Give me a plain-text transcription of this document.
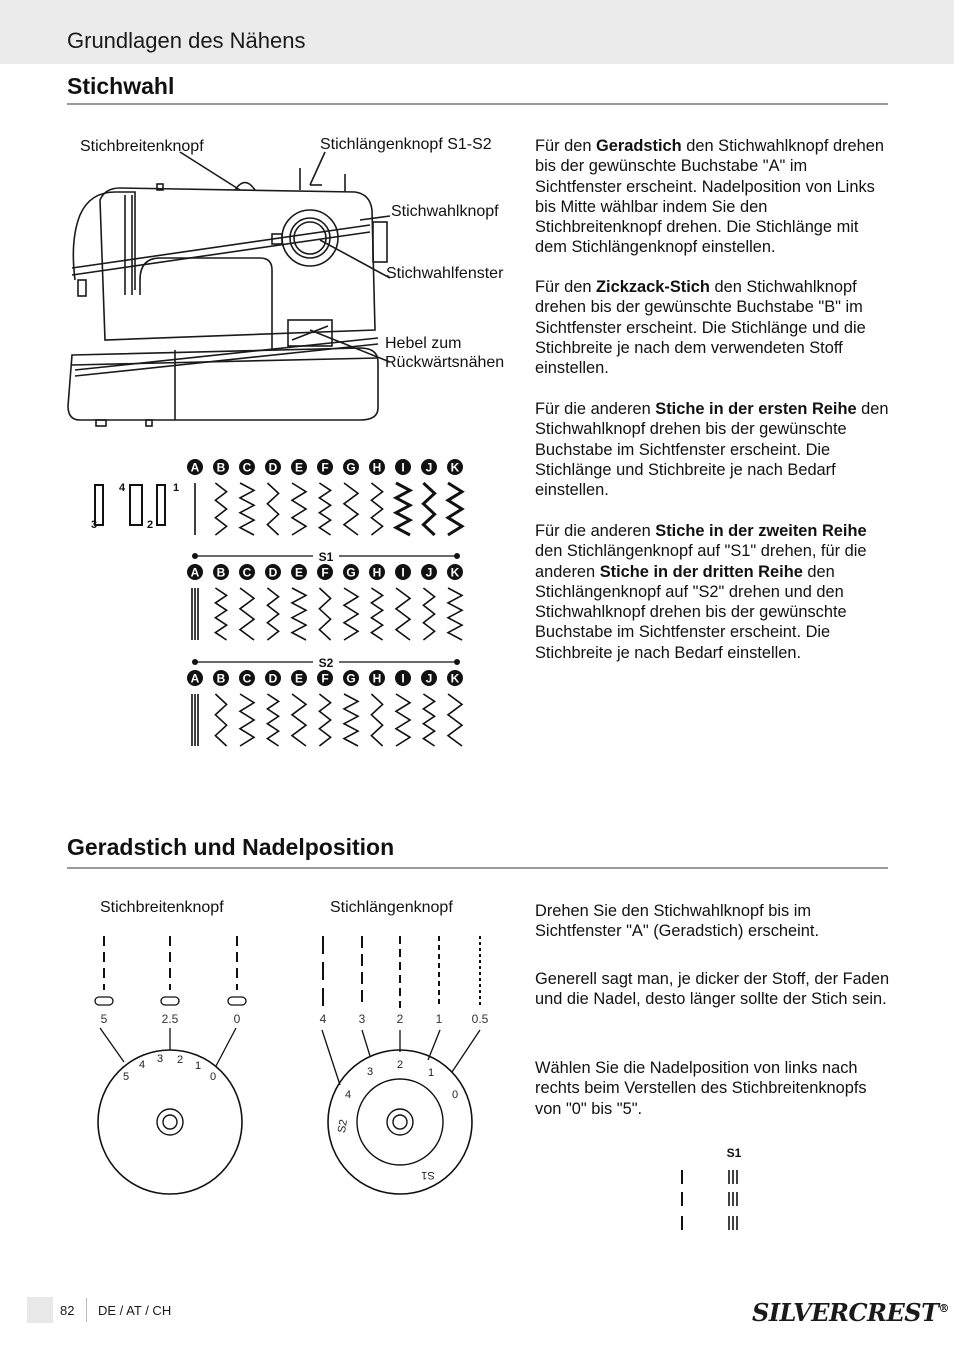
Grundlagen des Nähens
Stichwahl
Stichbreitenknopf	Stichlängenknopf S1-S2
Stichwahlknopf
Stichwahlfenster
Hebel zum
Rückwärtsnähen
A B C D E F G H I J K
A B C D E F G H I J K
A B C D E F G H I J K
S1
S2
4	1
3	2
Für den Geradstich den Stichwahlknopf drehen bis der gewünschte Buchstabe "A" im Sichtfenster erscheint. Nadelposition von Links bis Mitte wählbar indem Sie den Stichbreitenknopf drehen. Die Stichlänge mit dem Stichlängenknopf einstellen.
Für den Zickzack-Stich den Stichwahlknopf drehen bis der gewünschte Buchstabe "B" im Sichtfenster erscheint. Die Stichlänge und die Stichbreite je nach dem verwendeten Stoff einstellen.
Für die anderen Stiche in der ersten Reihe den Stichwahlknopf drehen bis der gewünschte Buchstabe im Sichtfenster erscheint. Die Stichlänge und Stichbreite je nach Bedarf einstellen.
Für die anderen Stiche in der zweiten Reihe den Stichlängenknopf auf "S1" drehen, für die anderen Stiche in der dritten Reihe den Stichlängenknopf auf "S2" drehen und den Stichwahlknopf drehen bis der gewünschte Buchstabe im Sichtfenster erscheint. Die Stichbreite je nach Bedarf einstellen.
Geradstich und Nadelposition
Stichbreitenknopf	Stichlängenknopf
5	2.5	0
5
4 3 2 1
0
4	3	2	1 0.5
4
3
2
1
0
S2
S1
S1
Drehen Sie den Stichwahlknopf bis im Sichtfenster "A" (Geradstich) erscheint.
Generell sagt man, je dicker der Stoff, der Faden und die Nadel, desto länger sollte der Stich sein.
Wählen Sie die Nadelposition von links nach rechts beim Verstellen des Stichbreitenknopfs von "0" bis "5".
82 DE / AT / CH	SILVERCREST®
